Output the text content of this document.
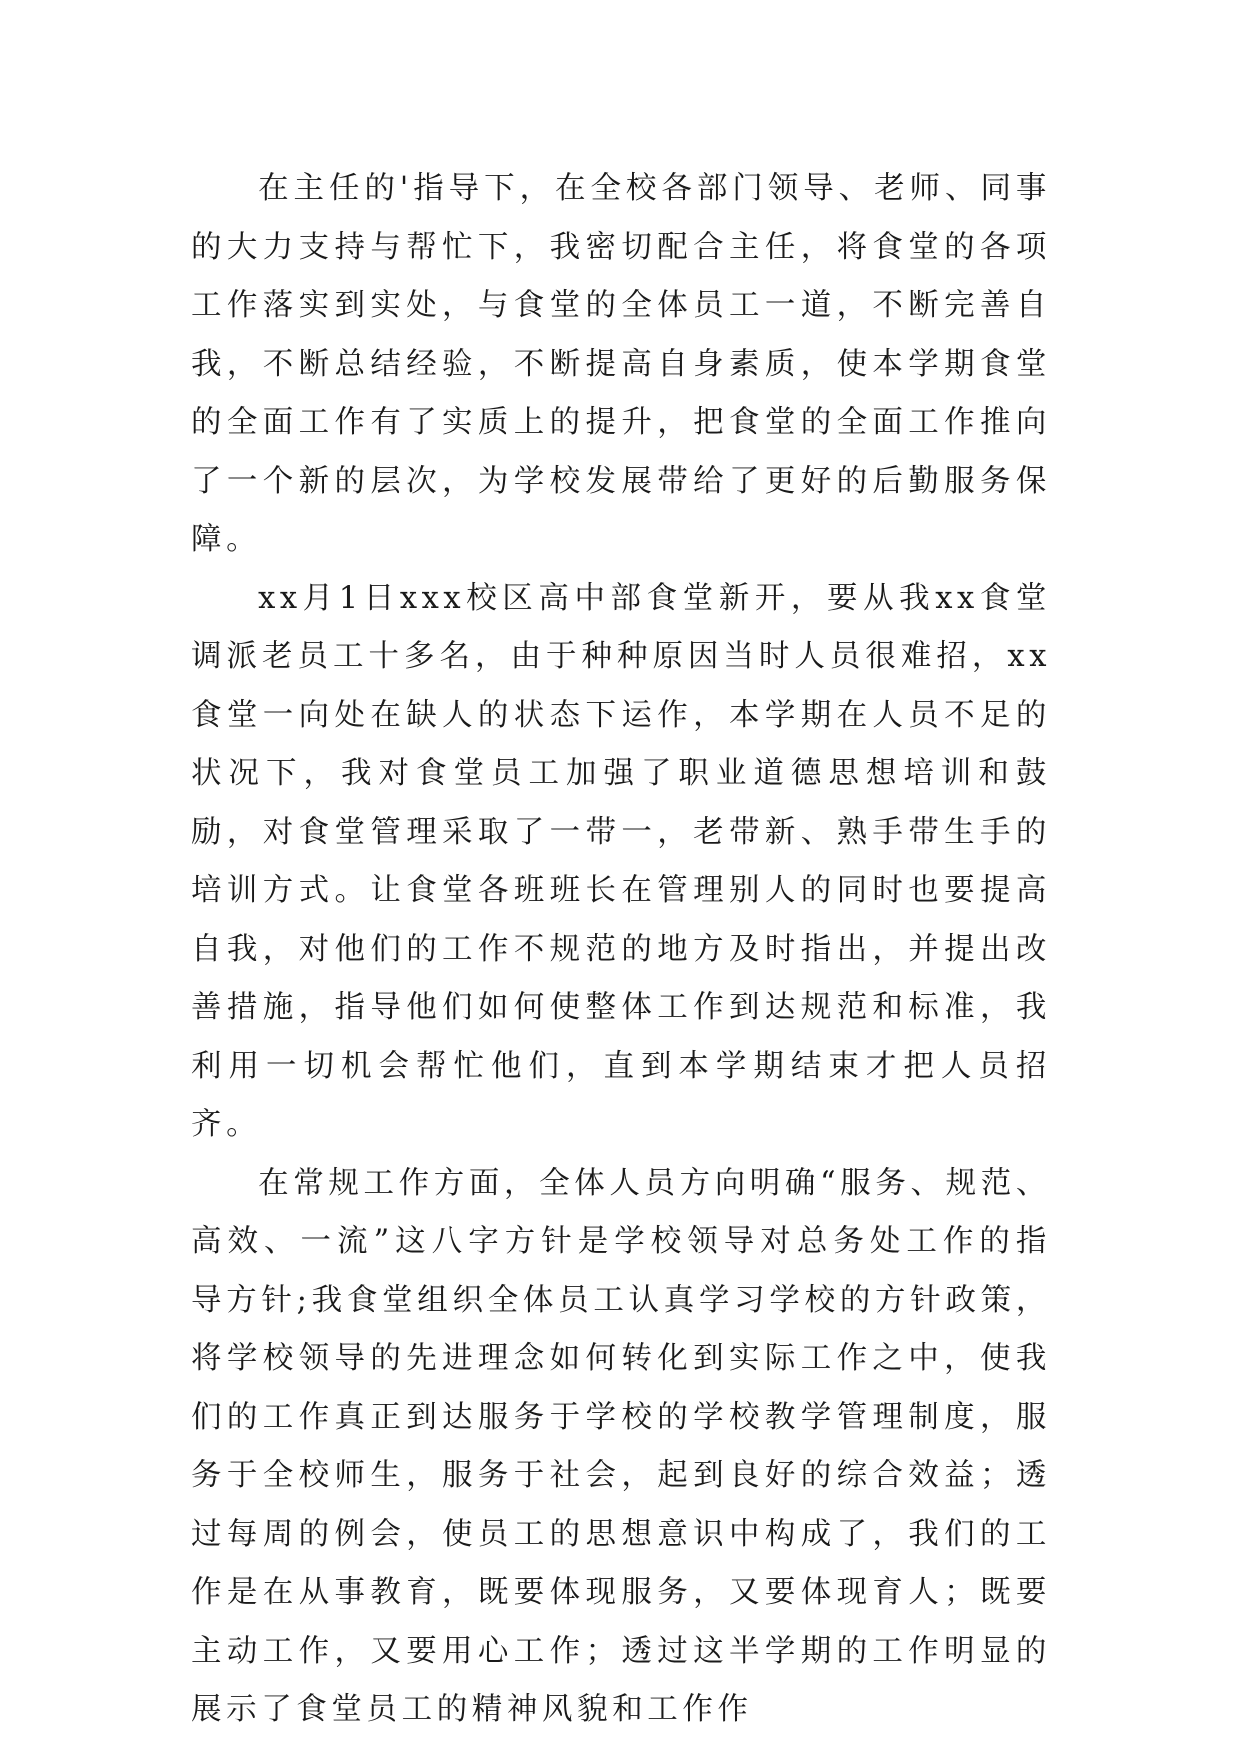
在主任的'指导下，在全校各部门领导、老师、同事的大力支持与帮忙下，我密切配合主任，将食堂的各项工作落实到实处，与食堂的全体员工一道，不断完善自我，不断总结经验，不断提高自身素质，使本学期食堂的全面工作有了实质上的提升，把食堂的全面工作推向了一个新的层次，为学校发展带给了更好的后勤服务保障。

xx月1日xxx校区高中部食堂新开，要从我xx食堂调派老员工十多名，由于种种原因当时人员很难招，xx食堂一向处在缺人的状态下运作，本学期在人员不足的状况下，我对食堂员工加强了职业道德思想培训和鼓励，对食堂管理采取了一带一，老带新、熟手带生手的培训方式。让食堂各班班长在管理别人的同时也要提高自我，对他们的工作不规范的地方及时指出，并提出改善措施，指导他们如何使整体工作到达规范和标准，我利用一切机会帮忙他们，直到本学期结束才把人员招齐。

在常规工作方面，全体人员方向明确“服务、规范、高效、一流”这八字方针是学校领导对总务处工作的指导方针;我食堂组织全体员工认真学习学校的方针政策，将学校领导的先进理念如何转化到实际工作之中，使我们的工作真正到达服务于学校的学校教学管理制度，服务于全校师生，服务于社会，起到良好的综合效益；透过每周的例会，使员工的思想意识中构成了，我们的工作是在从事教育，既要体现服务，又要体现育人；既要主动工作，又要用心工作；透过这半学期的工作明显的展示了食堂员工的精神风貌和工作作
